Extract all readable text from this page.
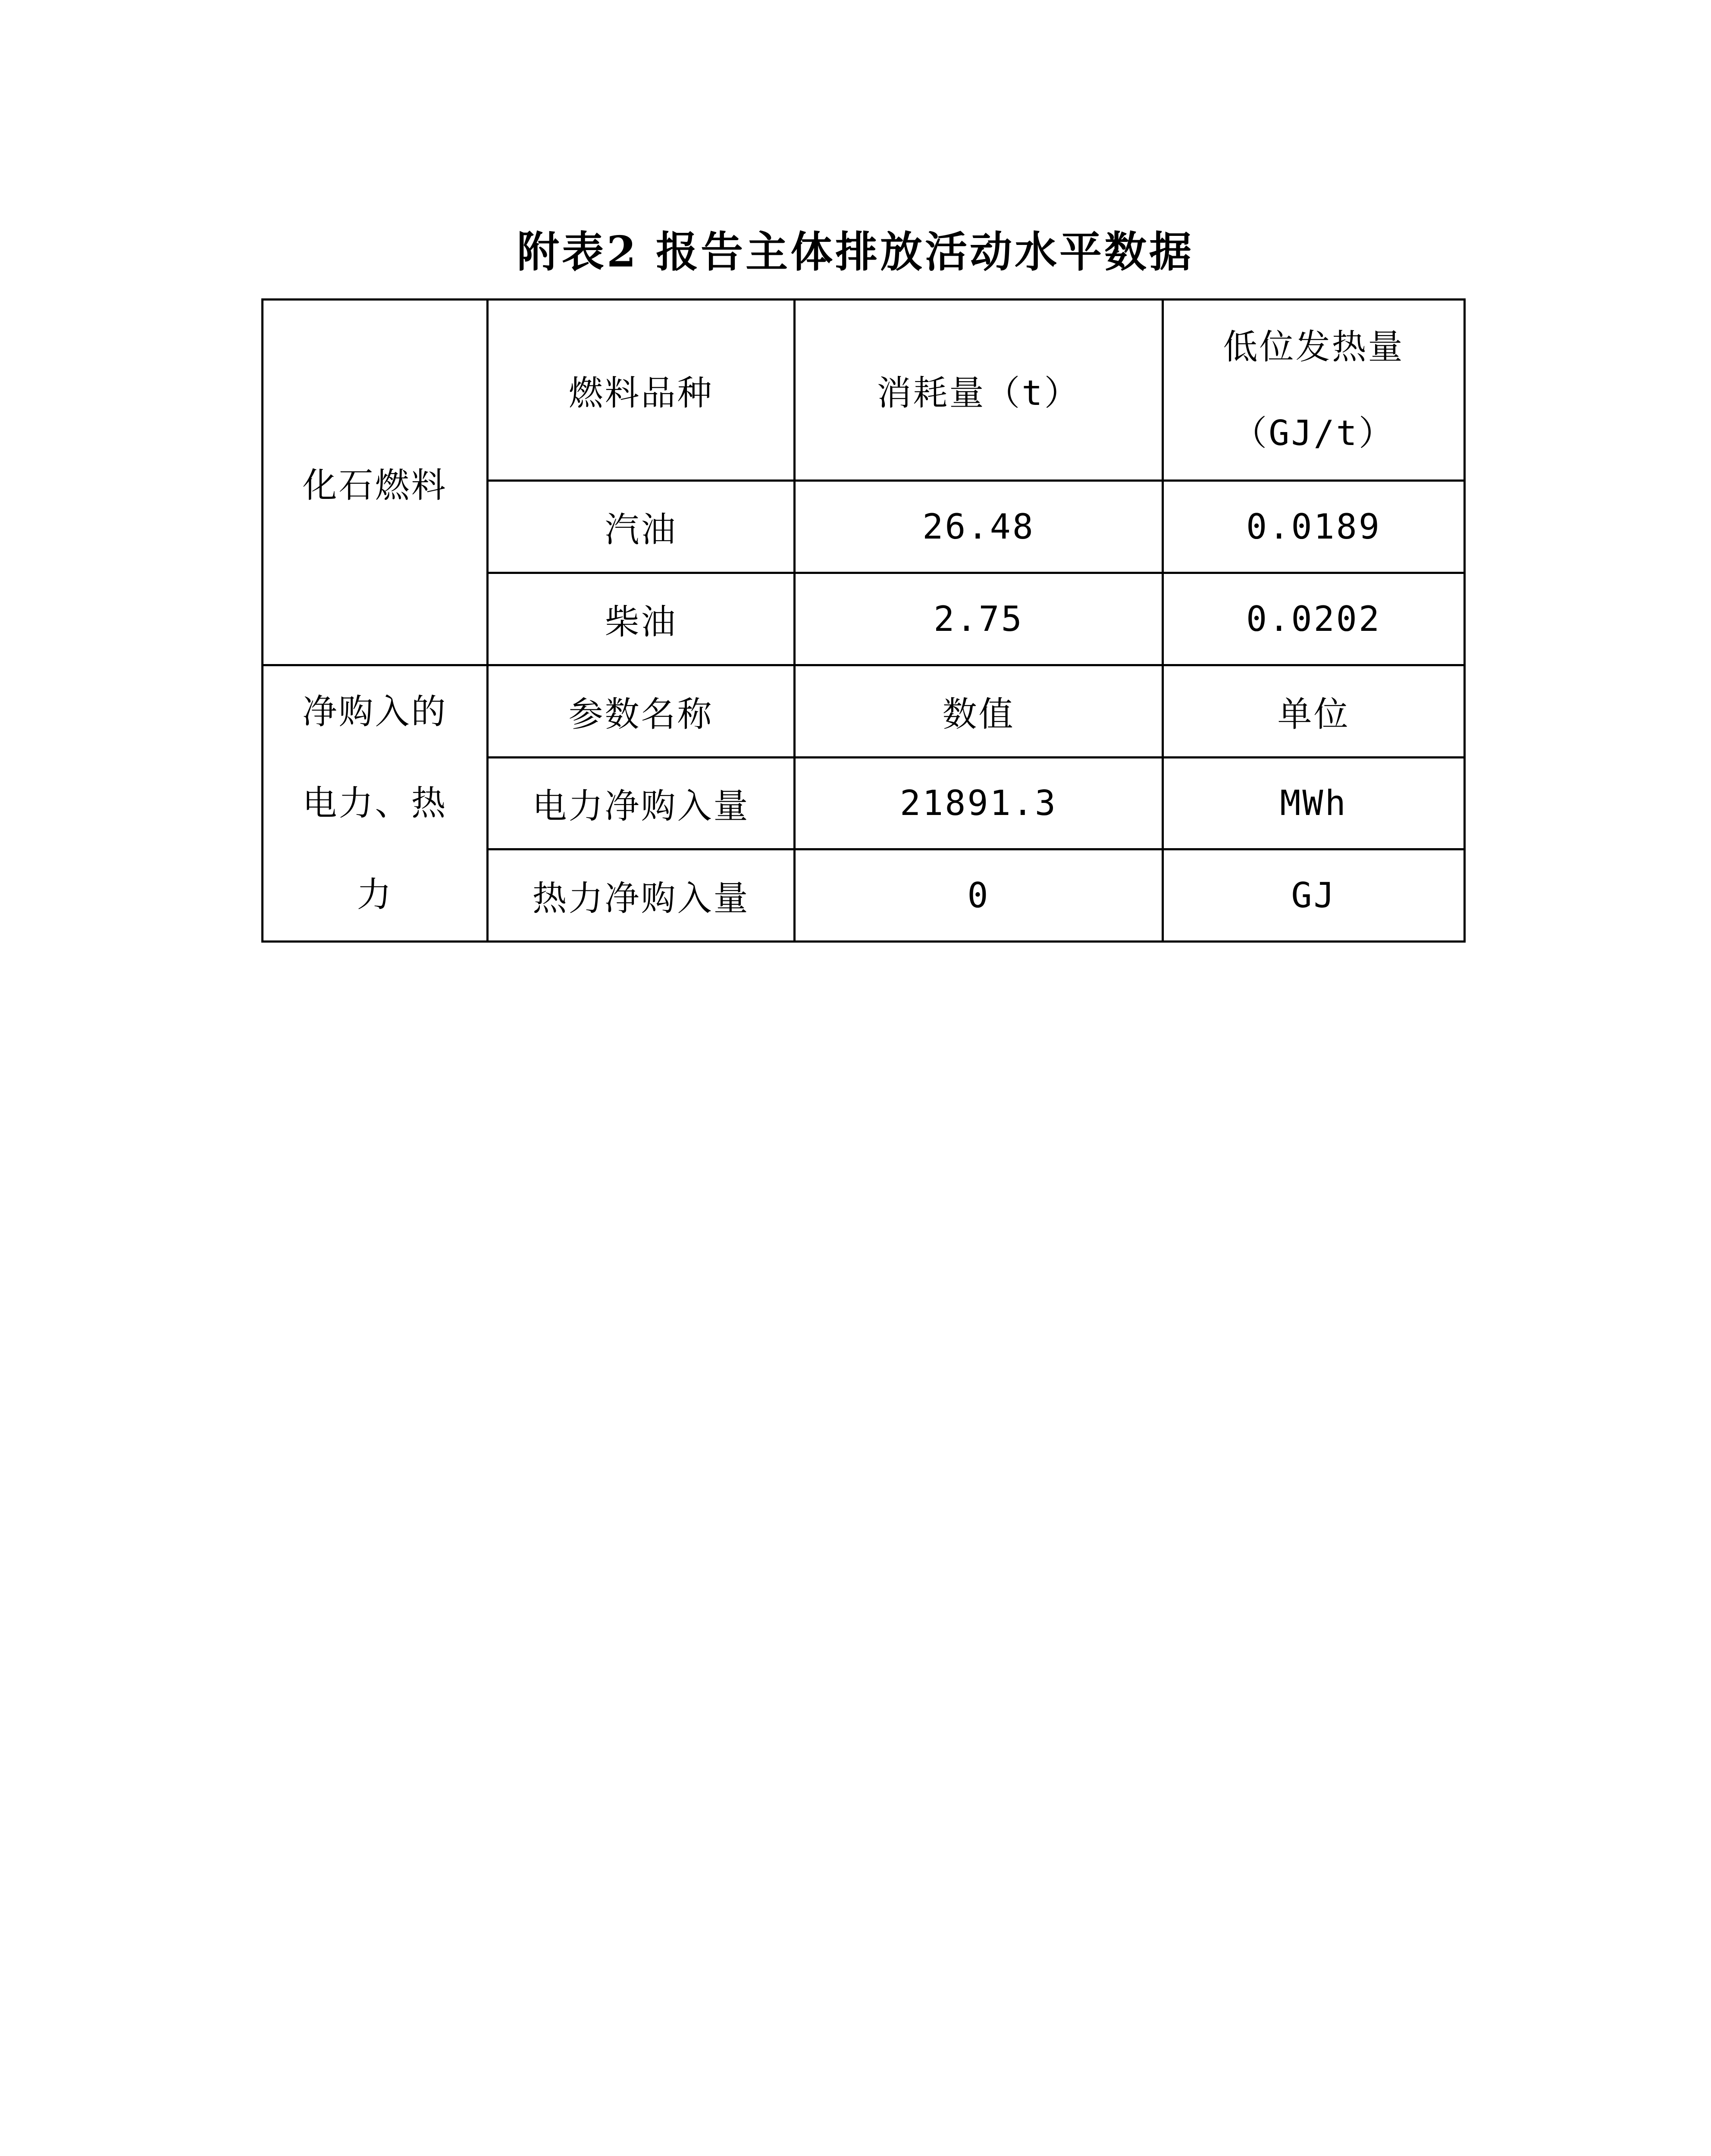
附表2 报告主体排放活动水平数据
化石燃料	燃料品种	消耗量（t）	低位发热量
（GJ/t）

	汽油	26.48	0.0189
	柴油	2.75	0.0202

净购入的
电力、热
力	参数名称	数值	单位
	电力净购入量	21891.3	MWh
	热力净购入量	0	GJ
